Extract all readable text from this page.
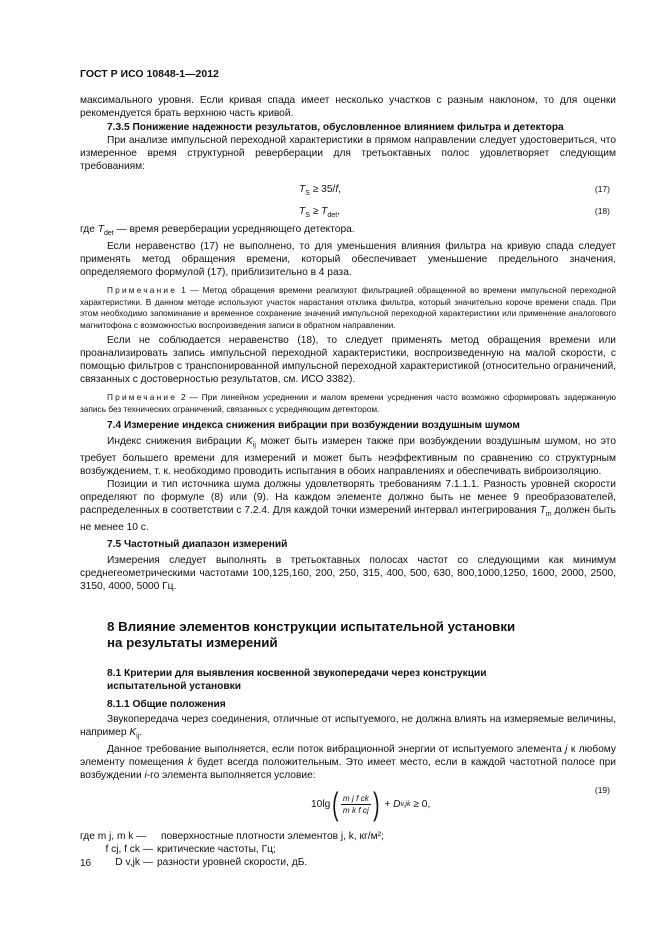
ГОСТ Р ИСО 10848-1—2012

максимального уровня. Если кривая спада имеет несколько участков с разным наклоном, то для оценки рекомендуется брать верхнюю часть кривой.

7.3.5 Понижение надежности результатов, обусловленное влиянием фильтра и детектора

При анализе импульсной переходной характеристики в прямом направлении следует удостовериться, что измеренное время структурной реверберации для третьоктавных полос удовлетворяет следующим требованиям:

$T_S \ge 35/f$,	(17)
$T_S \ge T_{det}$,	(18)

где $T_{det}$ — время реверберации усредняющего детектора.

Если неравенство (17) не выполнено, то для уменьшения влияния фильтра на кривую спада следует применять метод обращения времени, который обеспечивает уменьшение предельного значения, определяемого формулой (17), приблизительно в 4 раза.

Примечание 1 — Метод обращения времени реализуют фильтрацией обращенной во времени импульсной переходной характеристики. В данном методе используют участок нарастания отклика фильтра, который значительно короче времени спада. При этом необходимо запоминание и временное сохранение значений импульсной переходной характеристики или применение аналогового магнитофона с возможностью воспроизведения записи в обратном направлении.

Если не соблюдается неравенство (18), то следует применять метод обращения времени или проанализировать запись импульсной переходной характеристики, воспроизведенную на малой скорости, с помощью фильтров с транспонированной импульсной переходной характеристикой (относительно ограничений, связанных с достоверностью результатов, см. ИСО 3382).

Примечание 2 — При линейном усреднении и малом времени усреднения часто возможно сформировать задержанную запись без технических ограничений, связанных с усредняющим детектором.

7.4 Измерение индекса снижения вибрации при возбуждении воздушным шумом

Индекс снижения вибрации $K_{ij}$ может быть измерен также при возбуждении воздушным шумом, но это требует большего времени для измерений и может быть неэффективным по сравнению со структурным возбуждением, т. к. необходимо проводить испытания в обоих направлениях и обеспечивать виброизоляцию.

Позиции и тип источника шума должны удовлетворять требованиям 7.1.1.1. Разность уровней скорости определяют по формуле (8) или (9). На каждом элементе должно быть не менее 9 преобразователей, распределенных в соответствии с 7.2.4. Для каждой точки измерений интервал интегрирования $T_m$ должен быть не менее 10 с.

7.5 Частотный диапазон измерений

Измерения следует выполнять в третьоктавных полосах частот со следующими как минимум среднегеометрическими частотами 100,125,160, 200, 250, 315, 400, 500, 630, 800,1000,1250, 1600, 2000, 2500, 3150, 4000, 5000 Гц.

8 Влияние элементов конструкции испытательной установки
на результаты измерений
8.1 Критерии для выявления косвенной звукопередачи через конструкции
испытательной установки

8.1.1 Общие положения

Звукопередача через соединения, отличные от испытуемого, не должна влиять на измеряемые величины, например $K_{ij}$.

Данное требование выполняется, если поток вибрационной энергии от испытуемого элемента j к любому элементу помещения k будет всегда положительным. Это имеет место, если в каждой частотной полосе при возбуждении i-го элемента выполняется условие:

10lg ( m j f ck
m k f cj ) + D v,jk ≥ 0,
(19)
где m j, m k —	поверхностные плотности элементов j, k, кг/м²;
f cj, f ck — критические частоты, Гц;
D v,jk — разности уровней скорости, дБ.
16
